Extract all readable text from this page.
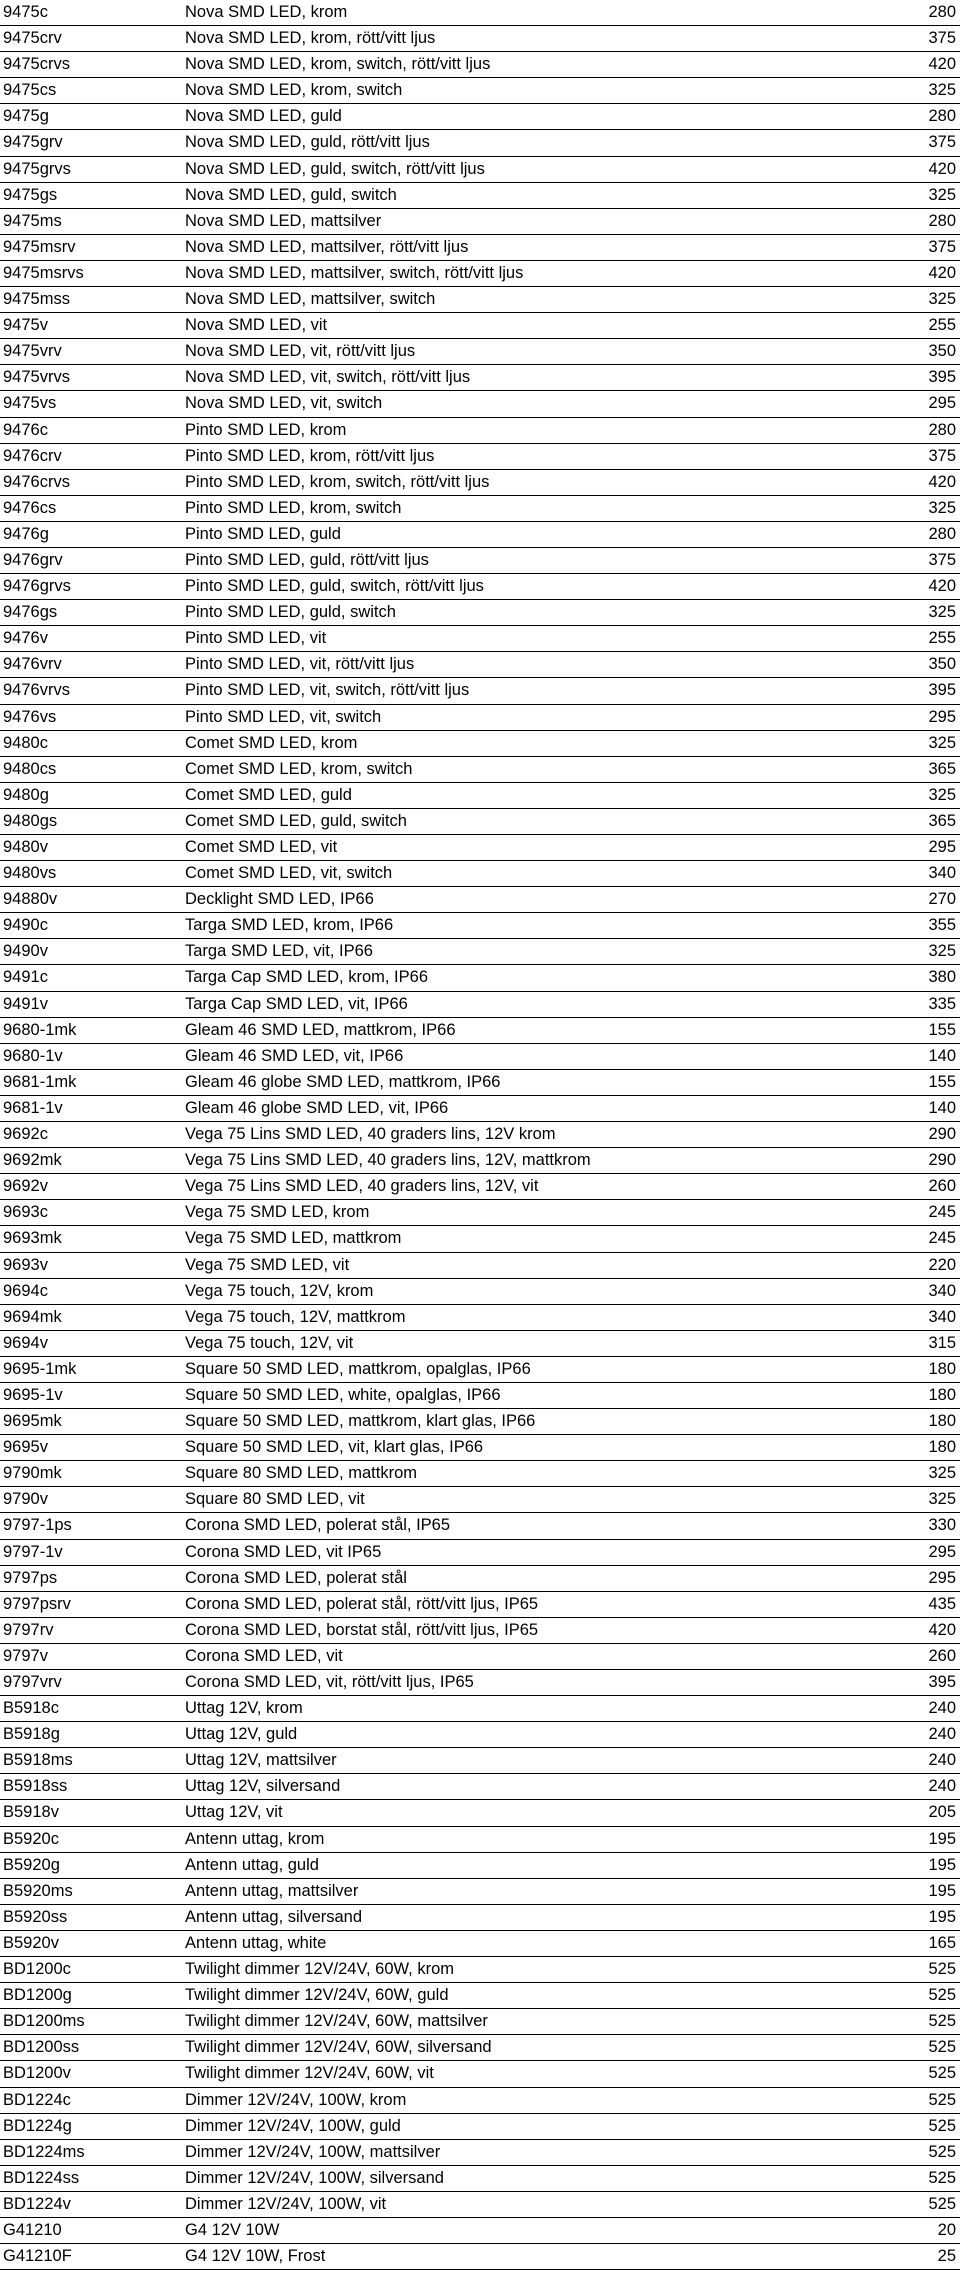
9475c	Nova SMD LED, krom	280
9475crv	Nova SMD LED, krom, rött/vitt ljus	375
9475crvs	Nova SMD LED, krom, switch, rött/vitt ljus	420
9475cs	Nova SMD LED, krom, switch	325
9475g	Nova SMD LED, guld	280
9475grv	Nova SMD LED, guld, rött/vitt ljus	375
9475grvs	Nova SMD LED, guld, switch, rött/vitt ljus	420
9475gs	Nova SMD LED, guld, switch	325
9475ms	Nova SMD LED, mattsilver	280
9475msrv	Nova SMD LED, mattsilver, rött/vitt ljus	375
9475msrvs	Nova SMD LED, mattsilver, switch, rött/vitt ljus	420
9475mss	Nova SMD LED, mattsilver, switch	325
9475v	Nova SMD LED, vit	255
9475vrv	Nova SMD LED, vit, rött/vitt ljus	350
9475vrvs	Nova SMD LED, vit, switch, rött/vitt ljus	395
9475vs	Nova SMD LED, vit, switch	295
9476c	Pinto SMD LED, krom	280
9476crv	Pinto SMD LED, krom, rött/vitt ljus	375
9476crvs	Pinto SMD LED, krom, switch, rött/vitt ljus	420
9476cs	Pinto SMD LED, krom, switch	325
9476g	Pinto SMD LED, guld	280
9476grv	Pinto SMD LED, guld, rött/vitt ljus	375
9476grvs	Pinto SMD LED, guld, switch, rött/vitt ljus	420
9476gs	Pinto SMD LED, guld, switch	325
9476v	Pinto SMD LED, vit	255
9476vrv	Pinto SMD LED, vit, rött/vitt ljus	350
9476vrvs	Pinto SMD LED, vit, switch, rött/vitt ljus	395
9476vs	Pinto SMD LED, vit, switch	295
9480c	Comet SMD LED, krom	325
9480cs	Comet SMD LED, krom, switch	365
9480g	Comet SMD LED, guld	325
9480gs	Comet SMD LED, guld, switch	365
9480v	Comet SMD LED, vit	295
9480vs	Comet SMD LED, vit, switch	340
94880v	Decklight SMD LED, IP66	270
9490c	Targa SMD LED, krom, IP66	355
9490v	Targa SMD LED, vit, IP66	325
9491c	Targa Cap SMD LED, krom, IP66	380
9491v	Targa Cap SMD LED, vit, IP66	335
9680-1mk	Gleam 46 SMD LED, mattkrom, IP66	155
9680-1v	Gleam 46 SMD LED, vit, IP66	140
9681-1mk	Gleam 46 globe SMD LED, mattkrom, IP66	155
9681-1v	Gleam 46 globe SMD LED, vit, IP66	140
9692c	Vega 75 Lins SMD LED, 40 graders lins, 12V krom	290
9692mk	Vega 75 Lins SMD LED, 40 graders lins, 12V, mattkrom	290
9692v	Vega 75 Lins SMD LED, 40 graders lins, 12V, vit	260
9693c	Vega 75 SMD LED, krom	245
9693mk	Vega 75 SMD LED, mattkrom	245
9693v	Vega 75 SMD LED, vit	220
9694c	Vega 75 touch, 12V, krom	340
9694mk	Vega 75 touch, 12V, mattkrom	340
9694v	Vega 75 touch, 12V, vit	315
9695-1mk	Square 50 SMD LED, mattkrom, opalglas, IP66	180
9695-1v	Square 50 SMD LED, white, opalglas, IP66	180
9695mk	Square 50 SMD LED, mattkrom, klart glas, IP66	180
9695v	Square 50 SMD LED, vit, klart glas, IP66	180
9790mk	Square 80 SMD LED, mattkrom	325
9790v	Square 80 SMD LED, vit	325
9797-1ps	Corona SMD LED, polerat stål, IP65	330
9797-1v	Corona SMD LED, vit IP65	295
9797ps	Corona SMD LED, polerat stål	295
9797psrv	Corona SMD LED, polerat stål, rött/vitt ljus, IP65	435
9797rv	Corona SMD LED, borstat stål, rött/vitt ljus, IP65	420
9797v	Corona SMD LED, vit	260
9797vrv	Corona SMD LED, vit, rött/vitt ljus, IP65	395
B5918c	Uttag 12V, krom	240
B5918g	Uttag 12V, guld	240
B5918ms	Uttag 12V, mattsilver	240
B5918ss	Uttag 12V, silversand	240
B5918v	Uttag 12V, vit	205
B5920c	Antenn uttag, krom	195
B5920g	Antenn uttag, guld	195
B5920ms	Antenn uttag, mattsilver	195
B5920ss	Antenn uttag, silversand	195
B5920v	Antenn uttag, white	165
BD1200c	Twilight dimmer 12V/24V, 60W, krom	525
BD1200g	Twilight dimmer 12V/24V, 60W, guld	525
BD1200ms	Twilight dimmer 12V/24V, 60W, mattsilver	525
BD1200ss	Twilight dimmer 12V/24V, 60W, silversand	525
BD1200v	Twilight dimmer 12V/24V, 60W, vit	525
BD1224c	Dimmer 12V/24V, 100W, krom	525
BD1224g	Dimmer 12V/24V, 100W, guld	525
BD1224ms	Dimmer 12V/24V, 100W, mattsilver	525
BD1224ss	Dimmer 12V/24V, 100W, silversand	525
BD1224v	Dimmer 12V/24V, 100W, vit	525
G41210	G4 12V 10W	20
G41210F	G4 12V 10W, Frost	25
